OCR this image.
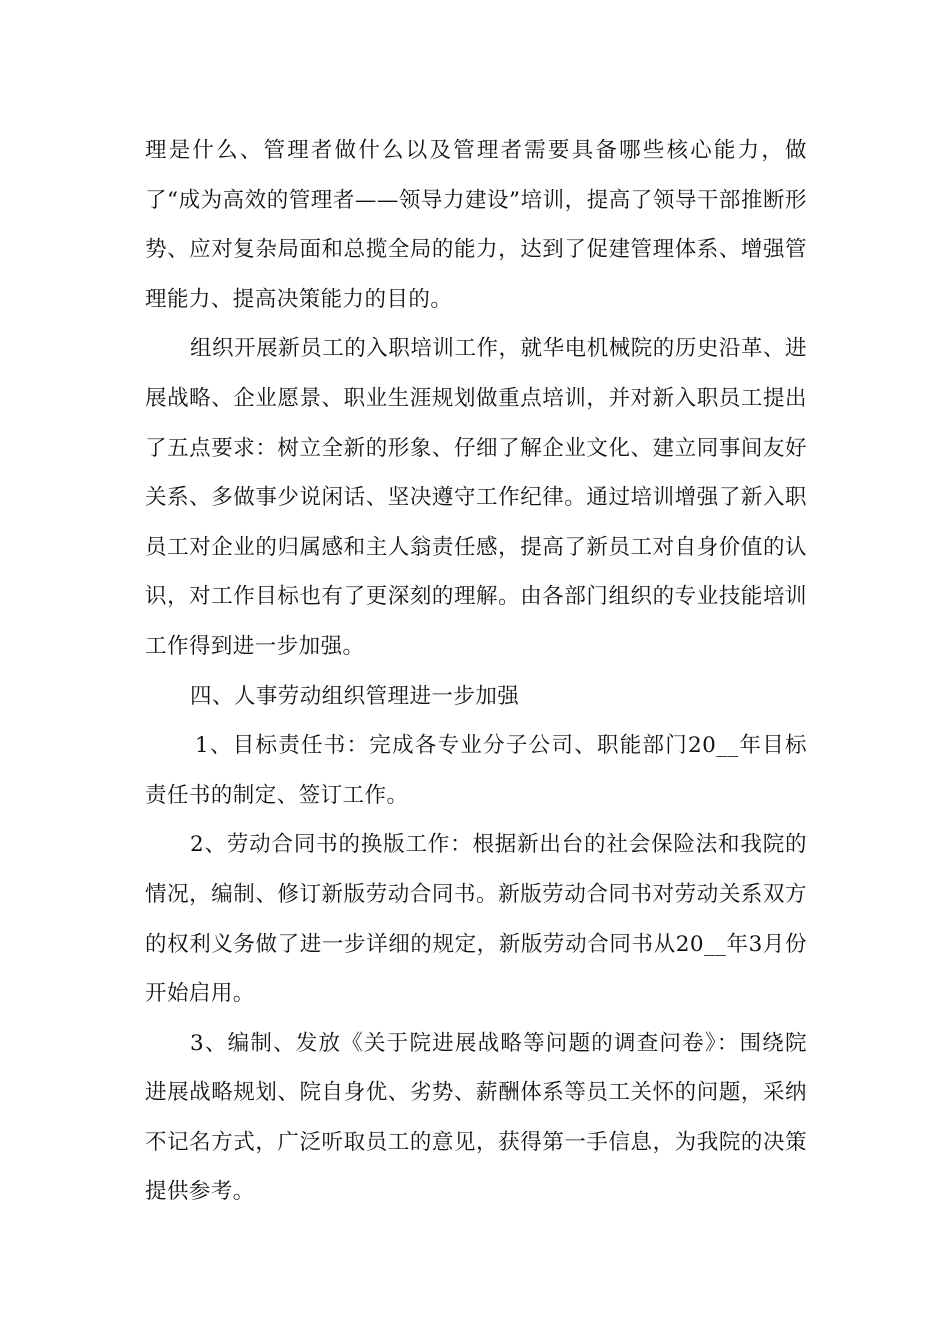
理是什么、管理者做什么以及管理者需要具备哪些核心能力，做了“成为高效的管理者——领导力建设”培训，提高了领导干部推断形势、应对复杂局面和总揽全局的能力，达到了促建管理体系、增强管理能力、提高决策能力的目的。

组织开展新员工的入职培训工作，就华电机械院的历史沿革、进展战略、企业愿景、职业生涯规划做重点培训，并对新入职员工提出了五点要求：树立全新的形象、仔细了解企业文化、建立同事间友好关系、多做事少说闲话、坚决遵守工作纪律。通过培训增强了新入职员工对企业的归属感和主人翁责任感，提高了新员工对自身价值的认识，对工作目标也有了更深刻的理解。由各部门组织的专业技能培训工作得到进一步加强。

四、人事劳动组织管理进一步加强

1、目标责任书：完成各专业分子公司、职能部门20__年目标责任书的制定、签订工作。

2、劳动合同书的换版工作：根据新出台的社会保险法和我院的情况，编制、修订新版劳动合同书。新版劳动合同书对劳动关系双方的权利义务做了进一步详细的规定，新版劳动合同书从20__年3月份开始启用。

3、编制、发放《关于院进展战略等问题的调查问卷》：围绕院进展战略规划、院自身优、劣势、薪酬体系等员工关怀的问题，采纳不记名方式，广泛听取员工的意见，获得第一手信息，为我院的决策提供参考。
